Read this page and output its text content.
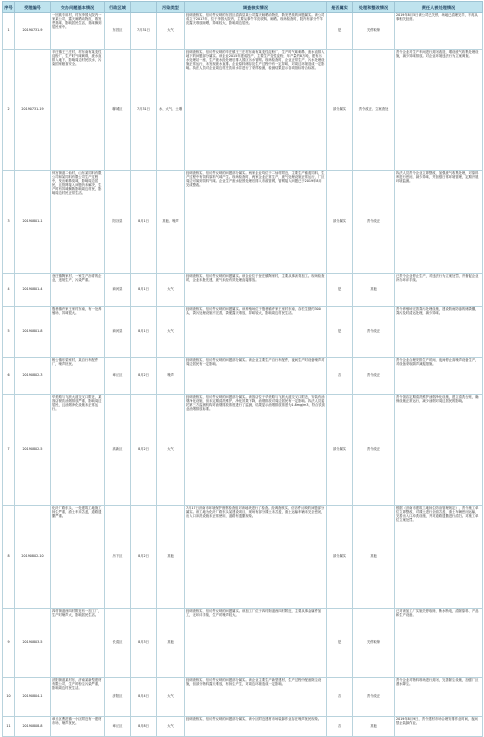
序号	受理编号	交办问题基本情况	行政区域		污染类型	调查核实情况	是否属实	处理和整改情况	责任人被处理情况
1	20190731-9	一回族专用村，村东李园大院内一家某公司，露天晾晒动物皮，散发恶臭味，影响居民生活，臭味飘到居民家中。	东昌区	7月31日	大气	经调查核实，信访件反映的东昌区清真县某公司露天晾晒动物皮，散发恶臭的问题属实。该公司成立于2017年，位于李园大院内，主要从事牛羊皮收购、晾晒。现场检查时，院内有部分牛羊皮露天堆放晾晒，异味较大，影响周边居民。	是	关停取缔	2019年8月5日该公司已关停，场地已清理完毕，不再从事相关经营。
2	20190731-19	辛庄镇王三庄村，村东南有某变性淀粉厂，生产时气味刺鼻，废水直排入地下，影响周边村民饮水，污染国家粮食安全。	聊城区	7月31日	水、大气、土壤	经调查核实，信访件反映的辛庄镇王三庄村东南有某变性淀粉厂，生产时气味刺鼻，废水直排入地下的问题部分属实。该企业2015年建成投产，主要生产变性淀粉，年产量约8万吨，建有污水处理站一座，生产废水经处理后排入园区污水管网。现场检查时，企业正常生产，污水处理设施正常运行，未发现废水直排。企业原料储存及生产过程中有一定异味，对周边环境造成一定影响。执法人员对企业周边村庄饮用水井进行了采样检测，检测结果显示各项指标符合标准。	部分属实	责令改正、立案查处	责令企业对生产车间进行封闭改造，增设废气收集处理设施，减少异味排放。对企业环境违法行为立案调查。
3	20190801-1	仲宫街道二仙村，山东某饲料有限公司和某饲料有限公司生产过程中，发出刺鼻臭味，影响周边居民，且管网接入问题仍未解决，生产时有异味飘散影响周边村民，影响周边村民正常生活。	阳谷县	8月1日	其他、噪声	经调查核实，信访件反映的问题部分属实。两家企业均位于二仙村附近，主要生产畜禽饲料，生产过程中有饲料原料气味产生。现场检查时，两家企业正常生产，废气处理设施正常运行，厂区周边可闻到饲料气味。企业生产废水经预处理后排入市政管网，管网接入问题已于2019年8月完成整改。	部分属实	责令改正	执法人员责令企业立即整改，加强废气收集处理，对原料库进行密闭，减少异味，并加强日常环境管理，定期开展环境监测。
4	20190801-4	登庄镇陶家村，一家生产沥青的企业，违规生产，污染严重。	商河县	8月1日	大气	经调查核实，信访件反映的问题属实。该企业位于登庄镇陶家村，主要从事沥青加工。现场检查时，企业未批先建，废气未经有效处理直接排放。	是	其他	已责令企业停止生产，对违法行为立案处罚，并督促企业补办环评手续。
5	20190801-8	殷巷镇许家王家村东南，有一处养殖场，异味很大。	商河县	8月1日	大气	经调查核实，信访件反映的问题属实。该养殖场位于殷巷镇许家王家村东南，存栏生猪约300头，粪污处理设施不完善，粪便露天堆放，异味较大，影响周边村民生活。	是	责令改正	责令养殖场完善粪污处理设施，建设防雨防渗的储粪棚，粪污及时清运处理，减少异味。
6	20190802-3	相公镇东梁家村，某自行车配件厂，噪声扰民。	章丘区	8月2日	噪声	经调查核实，信访件反映的问题部分属实。该企业主要生产自行车配件，夜间生产时设备噪声对周边居民有一定影响。	否	责令改正	责令企业合理安排生产时间，夜间停止高噪声设备生产，对设备采取隔声减振措施。
7	20190802-5	华美路与飞跃大道交叉口附近，某饭店餐饮油烟排放严重，影响周边居民，且油烟净化设施未正常运行。	高新区	8月2日	大气	经调查核实，信访件反映的问题部分属实。该饭店位于华美路与飞跃大道交叉口附近，安装有油烟净化设施，但未定期清洗维护，净化效果下降，油烟排放对周边居民有一定影响。执法人员委托第三方监测机构对油烟排放浓度进行了监测，结果显示油烟排放浓度为1.8mg/m3，符合饮食业油烟排放标准。	部分属实	责令改正	责令饭店定期清洗维护油烟净化设施，建立清洗台账，确保设施正常运行，减少油烟对周边居民的影响。
8	20190802-10	化纤厂路东头，一处建筑工地施工扬尘严重，渣土车未苫盖，道路遗撒严重。	历下区	8月2日	其他	7月17日济南市环境保护督察检查组对该地块进行了检查。经调查核实，信访件反映的问题部分属实。该工地为化纤厂路东头某建设项目，现场有部分裸土未苫盖，渣土运输车辆未完全密闭，出入口冲洗设施未正常使用，道路有遗撒现象。	部分属实	其他	根据《济南市建筑工地扬尘防治管理规定》，责令施工单位立即整改，对裸土进行全面苫盖，渣土车辆密闭运输，完善出入口冲洗设施，并对道路遗撒进行清扫。对施工单位立案处罚。
9	20190803-5	四村街道西四村附近有一加工厂，生产时噪声大，影响居民生活。	长清区	8月3日	其他	经调查核实，信访件反映的问题属实。该加工厂位于四村街道西四村附近，主要从事金属件加工，无环评手续，生产时噪声较大。	是	关停取缔	已对该加工厂实施关停取缔，断水断电，清除原料、产品和生产设备。
10	20190804-1	济阳街道某村东，济南某新型建材有限公司，生产时粉尘污染严重，影响周边村民生活。	济阳区	8月4日	大气	经调查核实，信访件反映的问题部分属实。该企业主要生产新型建材，生产过程中配备除尘设施，但部分物料露天堆放，有扬尘产生，对周边环境造成一定影响。	否	责令改正	责令企业对物料堆场进行封闭，完善除尘设施，加强厂区洒水降尘。
11	20190808-8	章丘区曹范镇一小区附近有一建材市场，噪声扰民。	章丘区	8月8日	大气	经调查核实，信访件反映的问题部分属实，该小区附近建材市场装卸作业存在噪声扰民现象。	否	其他	2019年8月9日，责令建材市场合理安排作业时间，夜间禁止装卸作业。
